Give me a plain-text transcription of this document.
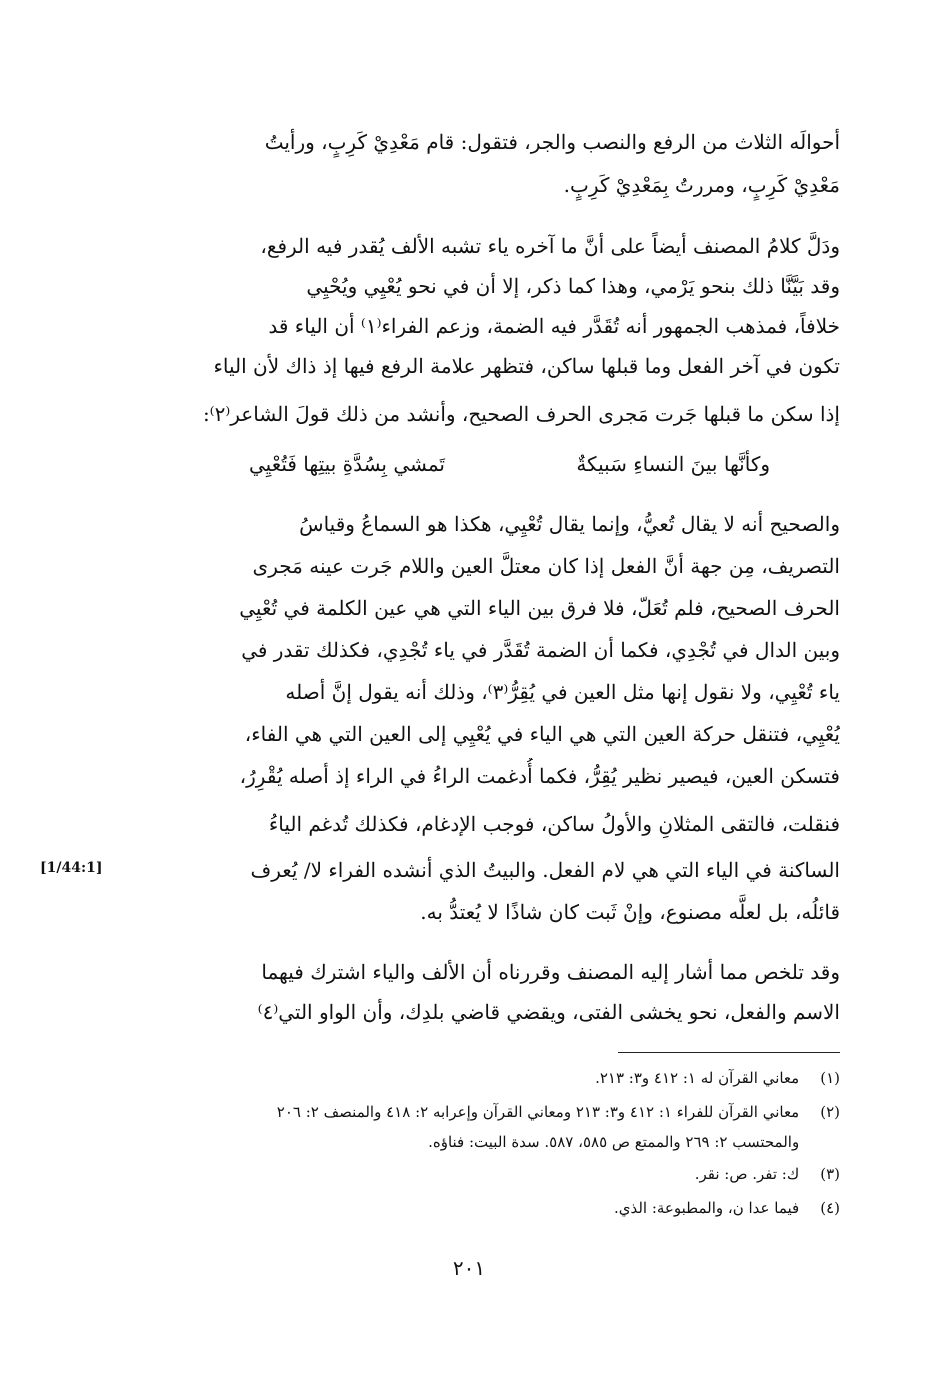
أحوالَه الثلاث من الرفع والنصب والجر، فتقول: قام مَعْدِيْ كَرِبٍ، ورأيتُ
مَعْدِيْ كَرِبٍ، ومررتُ بِمَعْدِيْ كَرِبٍ.
ودَلَّ كلامُ المصنف أيضاً على أنَّ ما آخره ياء تشبه الألف يُقدر فيه الرفع،
وقد بَيَّنَّا ذلك بنحو يَرْمي، وهذا كما ذكر، إلا أن في نحو يُعْيِي ويُحْيِي
خلافاً، فمذهب الجمهور أنه تُقَدَّر فيه الضمة، وزعم الفراء⁽١⁾ أن الياء قد
تكون في آخر الفعل وما قبلها ساكن، فتظهر علامة الرفع فيها إذ ذاك لأن الياء
إذا سكن ما قبلها جَرت مَجرى الحرف الصحيح، وأنشد من ذلك قولَ الشاعر⁽٢⁾:
وكأنَّها بينَ النساءِ سَبيكةٌ
تَمشي بِسُدَّةِ بيتِها فَتُعْيِي
والصحيح أنه لا يقال تُعيُّ، وإنما يقال تُعْيِي، هكذا هو السماعُ وقياسُ
التصريف، مِن جهة أنَّ الفعل إذا كان معتلَّ العين واللام جَرت عينه مَجرى
الحرف الصحيح، فلم تُعَلّ، فلا فرق بين الياء التي هي عين الكلمة في تُعْيِي
وبين الدال في تُجْدِي، فكما أن الضمة تُقَدَّر في ياء تُجْدِي، فكذلك تقدر في
ياء تُعْيِي، ولا نقول إنها مثل العين في يُقِرُّ⁽٣⁾، وذلك أنه يقول إنَّ أصله
يُعْيِي، فتنقل حركة العين التي هي الياء في يُعْيِي إلى العين التي هي الفاء،
فتسكن العين، فيصير نظير يُقِرُّ، فكما أُدغمت الراءُ في الراء إذ أصله يُقْرِرُ،
فنقلت، فالتقى المثلانِ والأولُ ساكن، فوجب الإدغام، فكذلك تُدغم الياءُ
الساكنة في الياء التي هي لام الفعل. والبيتُ الذي أنشده الفراء لا/ يُعرف
قائلُه، بل لعلَّه مصنوع، وإنْ ثَبت كان شاذًا لا يُعتدُّ به.
وقد تلخص مما أشار إليه المصنف وقررناه أن الألف والياء اشترك فيهما
الاسم والفعل، نحو يخشى الفتى، ويقضي قاضي بلدِك، وأن الواو التي⁽٤⁾
[1/44:1]
(١) معاني القرآن له ١: ٤١٢ و٣: ٢١٣.
(٢) معاني القرآن للفراء ١: ٤١٢ و٣: ٢١٣ ومعاني القرآن وإعرابه ٢: ٤١٨ والمنصف ٢: ٢٠٦
والمحتسب ٢: ٢٦٩ والممتع ص ٥٨٥، ٥٨٧. سدة البيت: فناؤه.
(٣) ك: تفر. ص: نقر.
(٤) فيما عدا ن، والمطبوعة: الذي.
٢٠١
